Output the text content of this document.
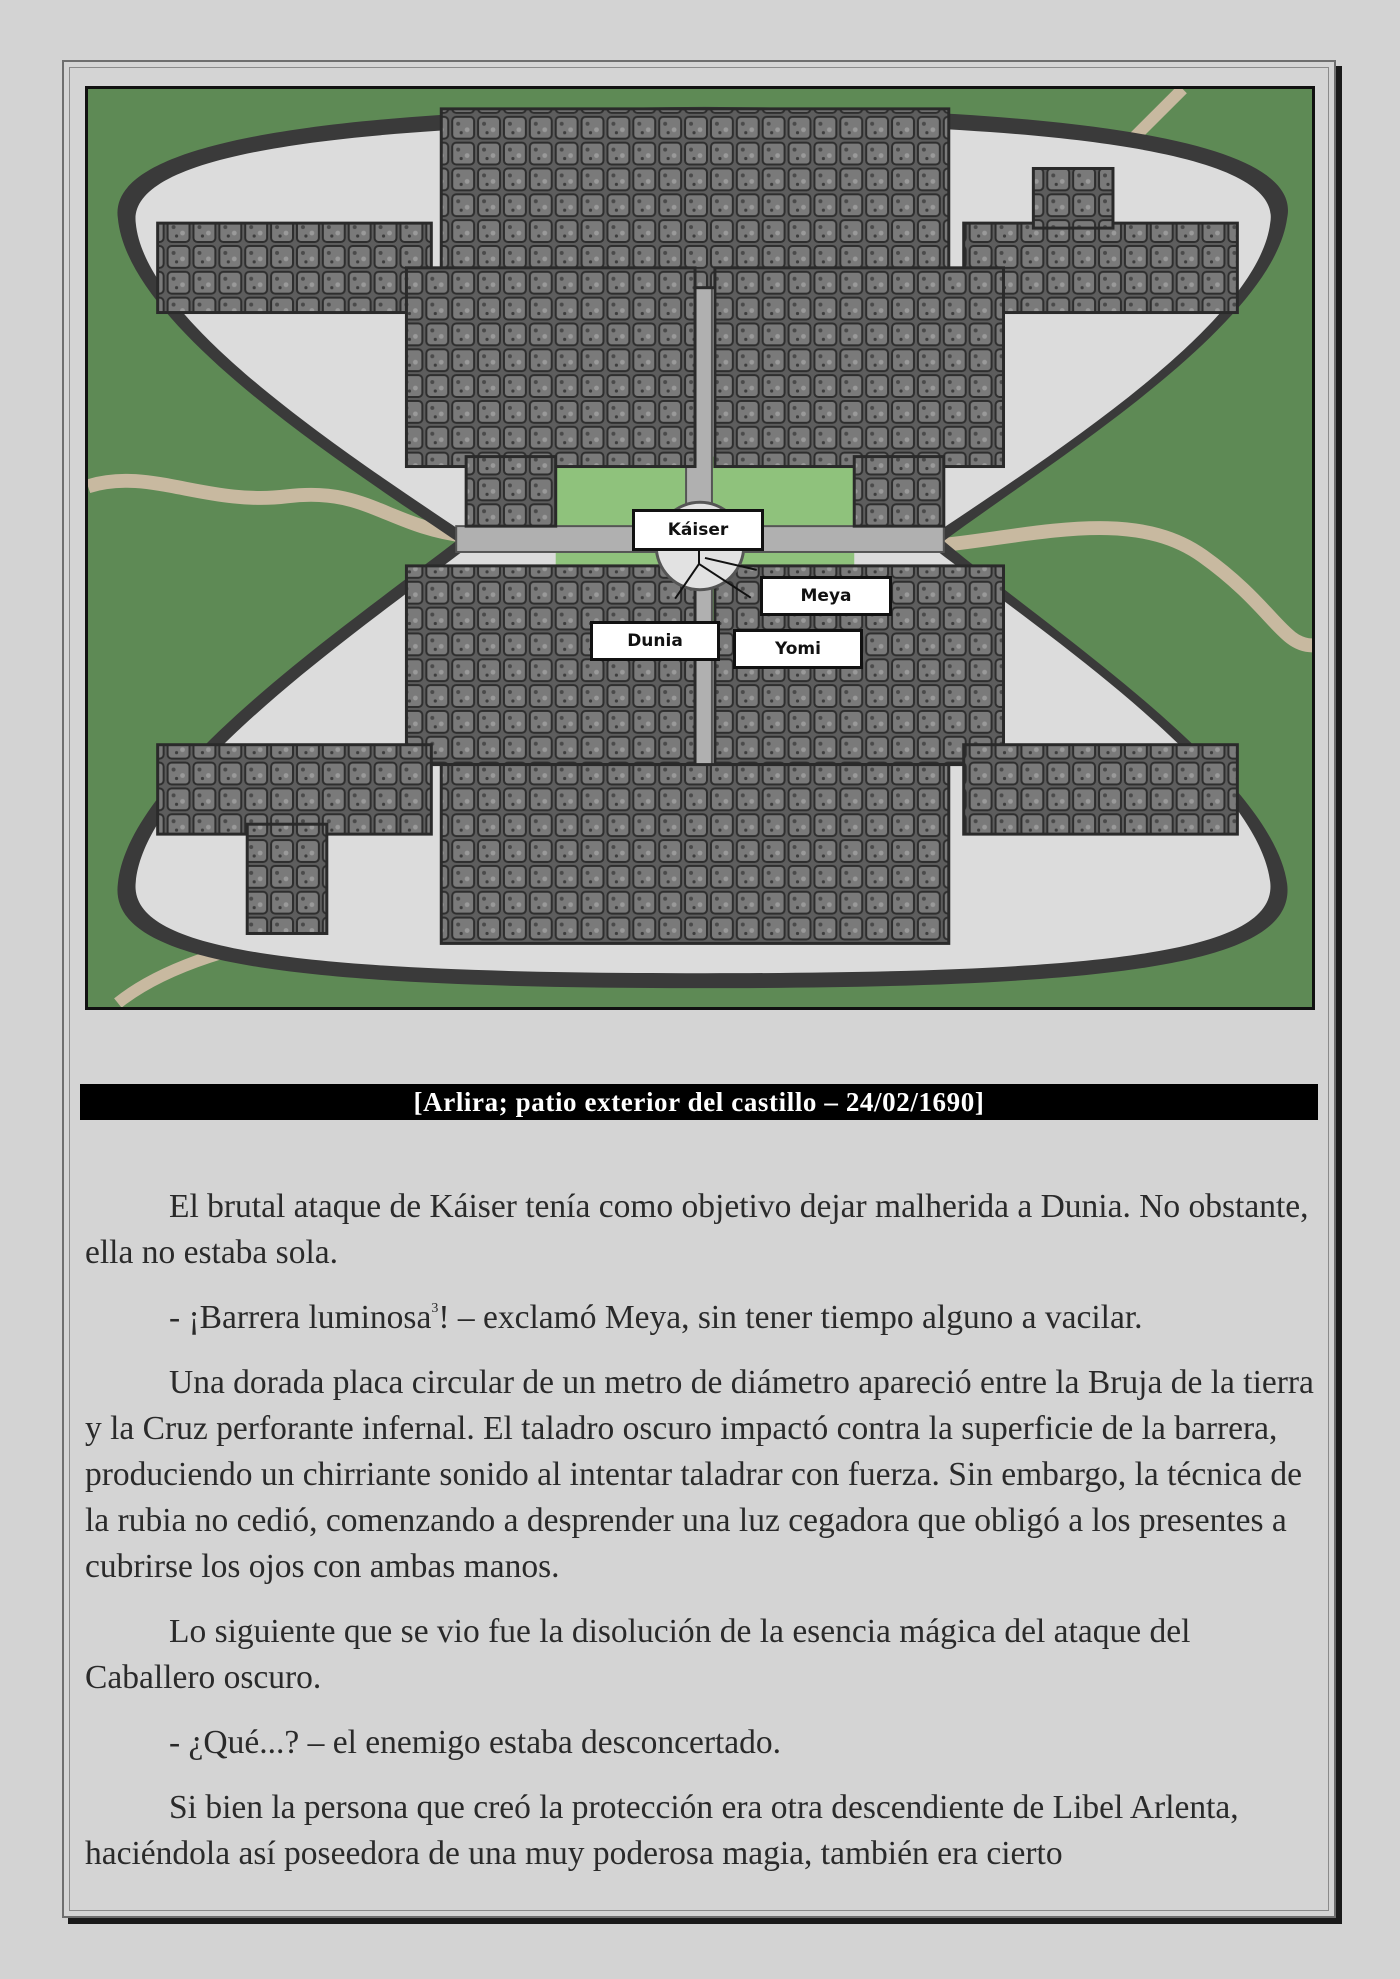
Káiser
Meya
Dunia	Yomi
[Arlira; patio exterior del castillo – 24/02/1690]

El brutal ataque de Káiser tenía como objetivo dejar malherida a Dunia. No obstante, ella no estaba sola.

- ¡Barrera luminosa$^3$! – exclamó Meya, sin tener tiempo alguno a vacilar.

Una dorada placa circular de un metro de diámetro apareció entre la Bruja de la tierra y la Cruz perforante infernal. El taladro oscuro impactó contra la superficie de la barrera, produciendo un chirriante sonido al intentar taladrar con fuerza. Sin embargo, la técnica de la rubia no cedió, comenzando a desprender una luz cegadora que obligó a los presentes a cubrirse los ojos con ambas manos.

Lo siguiente que se vio fue la disolución de la esencia mágica del ataque del Caballero oscuro.

- ¿Qué...? – el enemigo estaba desconcertado.

Si bien la persona que creó la protección era otra descendiente de Libel Arlenta, haciéndola así poseedora de una muy poderosa magia, también era cierto
